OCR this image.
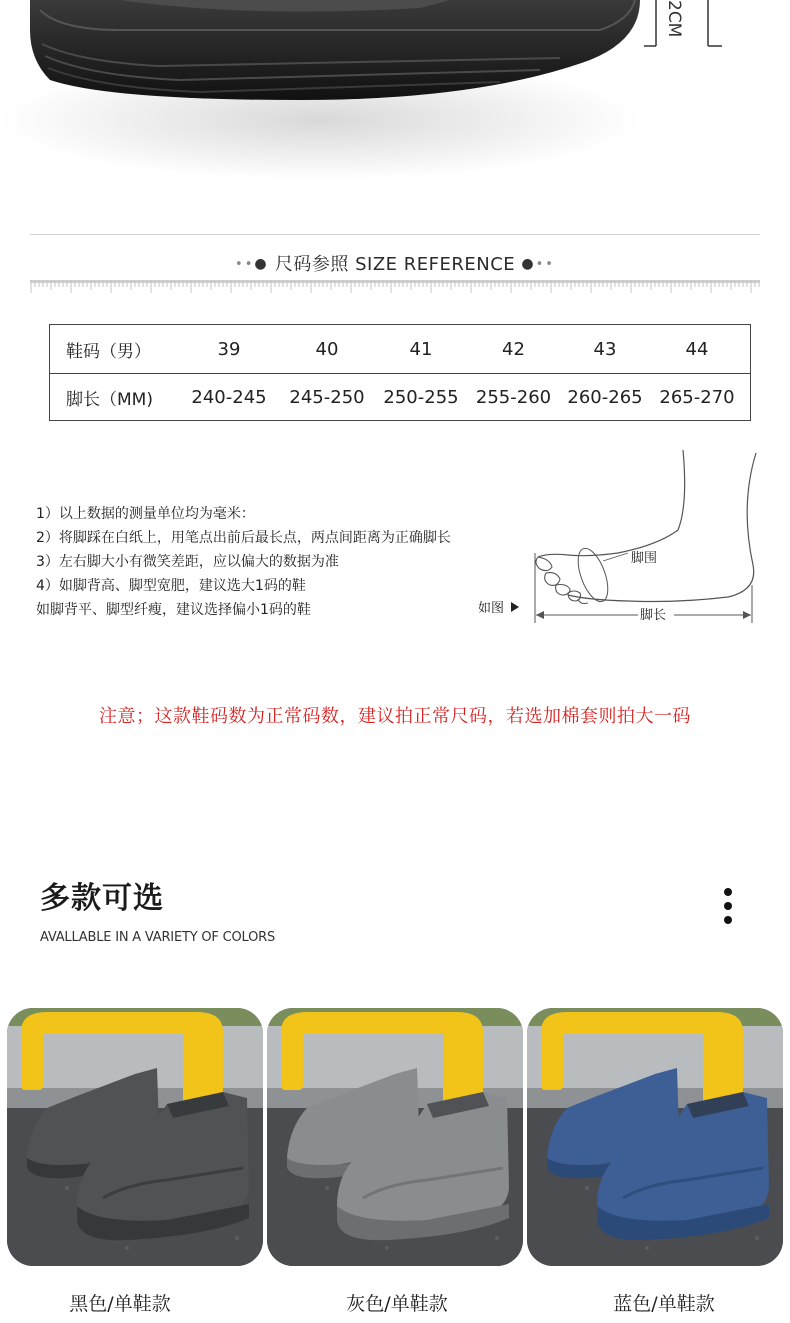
2CM
••● 尺码参照 SIZE REFERENCE ●••
鞋码（男）	39	40	41	42	43	44
脚长（MM)	240-245	245-250	250-255 255-260 260-265 265-270
1）以上数据的测量单位均为毫米：
2）将脚踩在白纸上，用笔点出前后最长点，两点间距离为正确脚长
3）左右脚大小有微笑差距，应以偏大的数据为准
4）如脚背高、脚型宽肥，建议选大1码的鞋
如脚背平、脚型纤瘦，建议选择偏小1码的鞋
脚围
脚长
如图
注意；这款鞋码数为正常码数，建议拍正常尺码，若选加棉套则拍大一码
多款可选
AVALLABLE IN A VARIETY OF COLORS
黑色/单鞋款	灰色/单鞋款	蓝色/单鞋款
